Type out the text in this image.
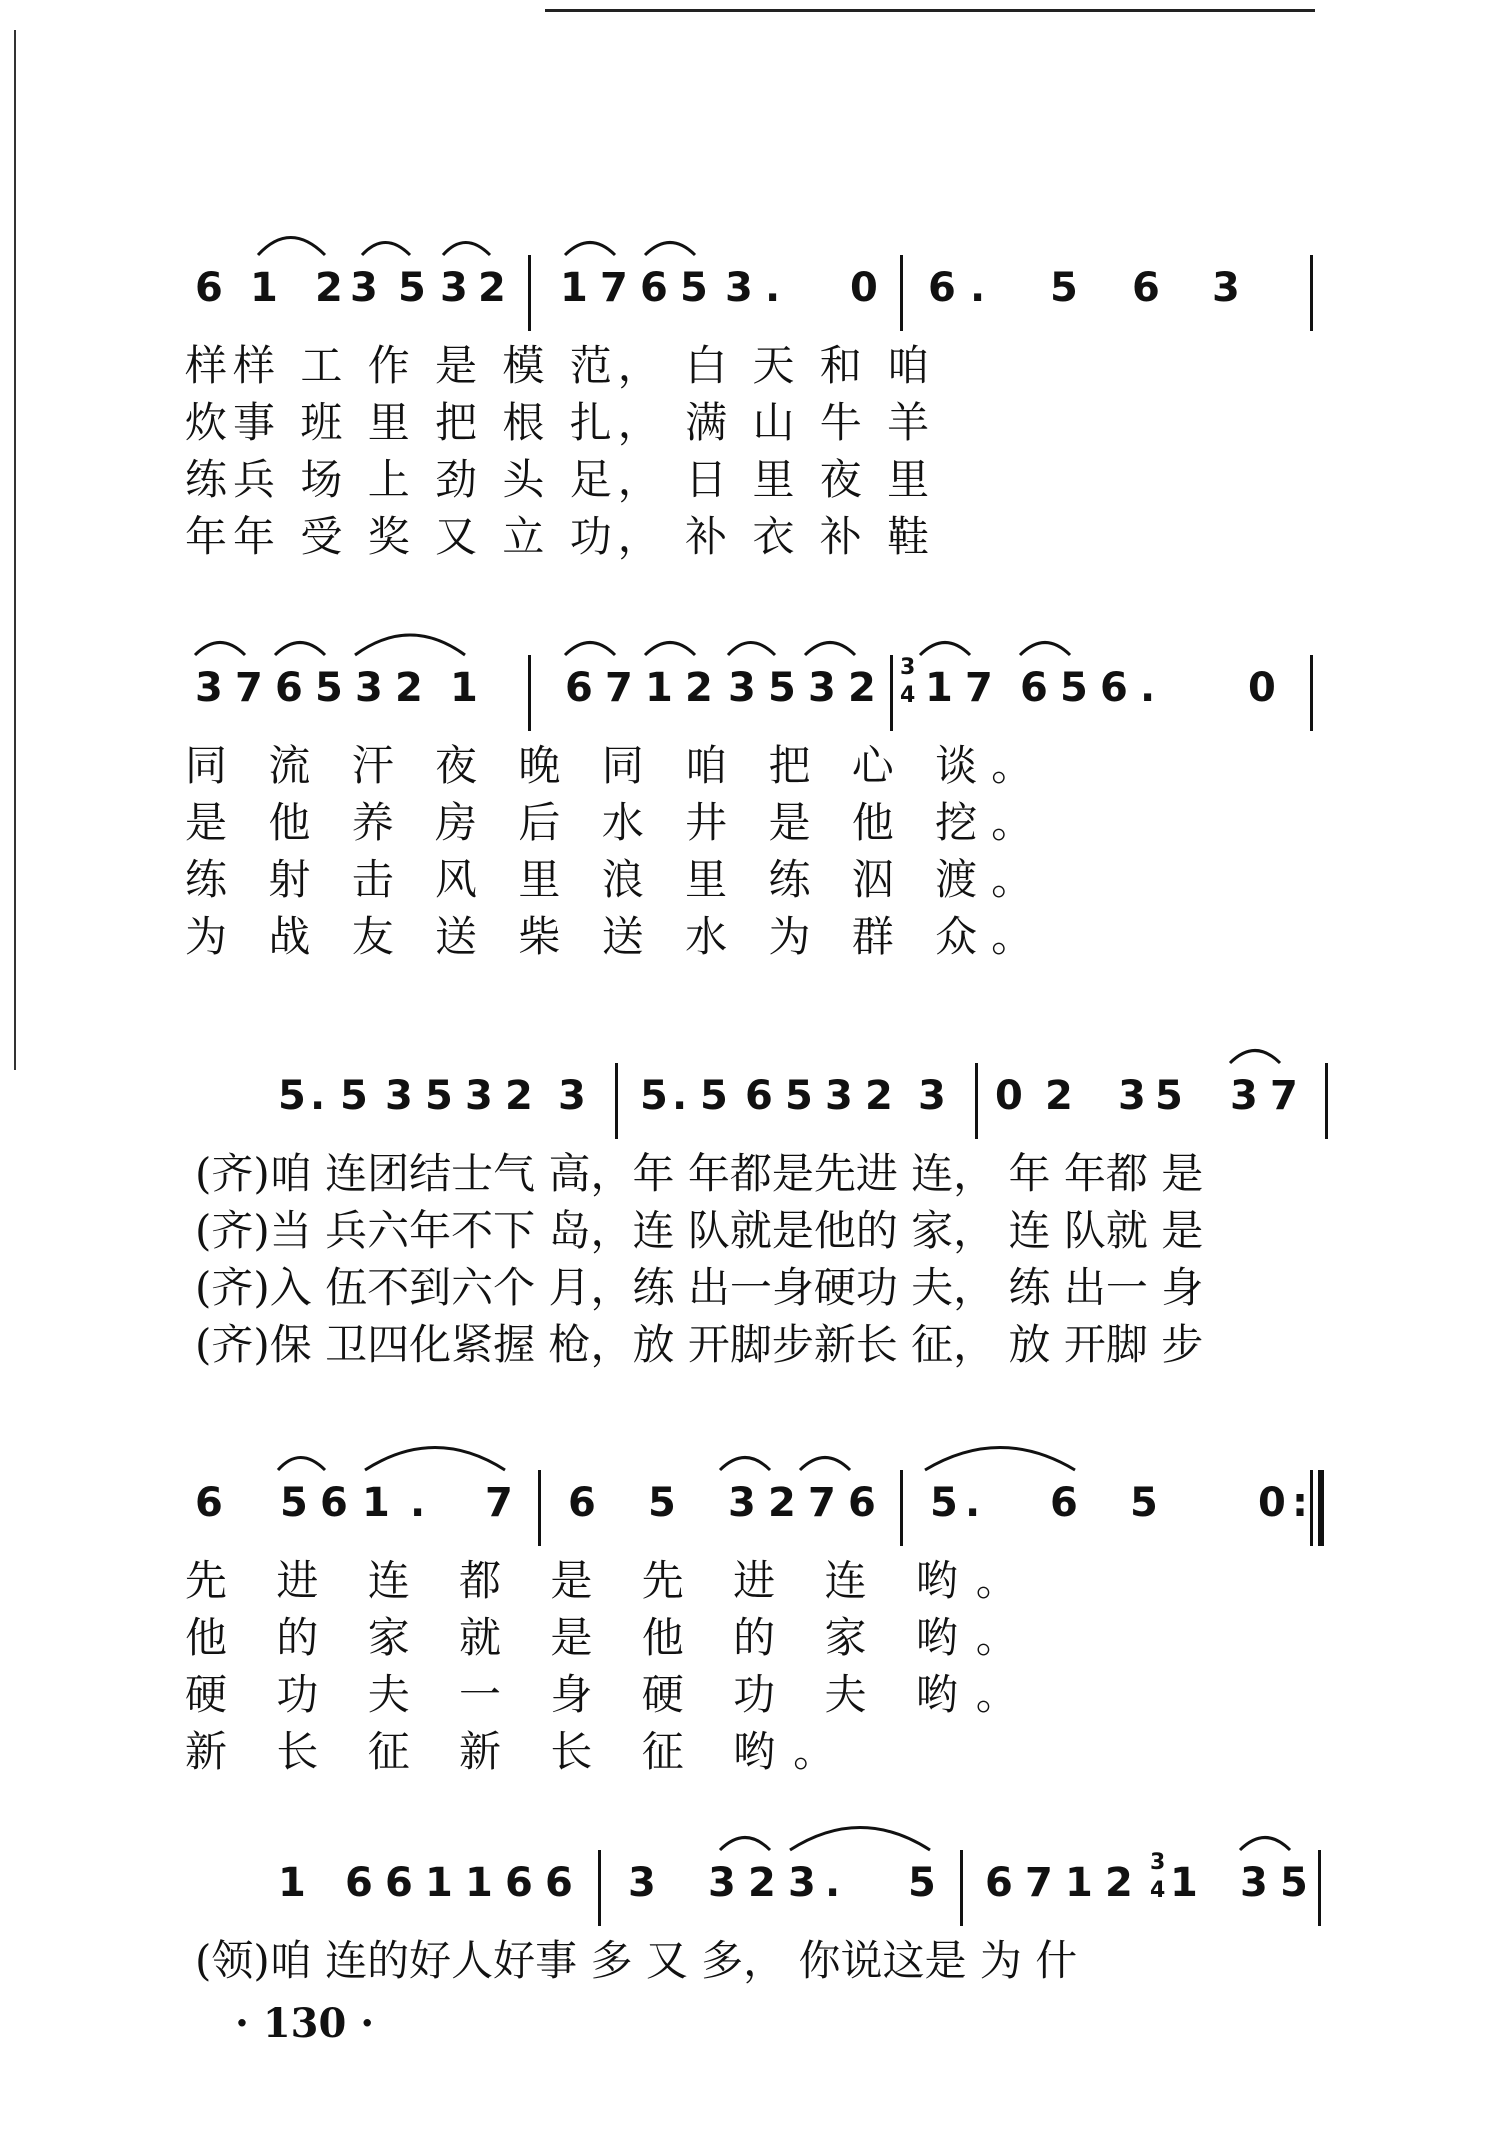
6 1 2 3 5 3 2 1 7 6 5 3 . 0 6 . 5 6 3
样样 工 作 是 模 范， 白 天 和 咱
炊事 班 里 把 根 扎， 满 山 牛 羊
练兵 场 上 劲 头 足， 日 里 夜 里
年年 受 奖 又 立 功， 补 衣 补 鞋
3 7 6 5 3 2 1 6 7 1 2 3 5 3 2 3
4 1 7 6 5 6 . 0
同 流 汗 夜 晚 同 咱 把 心 谈。
是 他 养 房 后 水 井 是 他 挖。
练 射 击 风 里 浪 里 练 泅 渡。
为 战 友 送 柴 送 水 为 群 众。
5 . 5 3 5 3 2 3 5 . 5 6 5 3 2 3 0 2 3 5 3 7
(齐)咱 连团结士气 高，年 年都是先进 连， 年 年都 是
(齐)当 兵六年不下 岛，连 队就是他的 家， 连 队就 是
(齐)入 伍不到六个 月，练 出一身硬功 夫， 练 出一 身
(齐)保 卫四化紧握 枪，放 开脚步新长 征， 放 开脚 步
6 5 6 1 . 7 6 5 3 2 7 6 5 . 6 5	0 :
先 进 连 都 是 先 进 连 哟。
他 的 家 就 是 他 的 家 哟。
硬 功 夫 一 身 硬 功 夫 哟。
新 长 征 新 长 征 哟。
1 6 6 1 1 6 6 3 3 2 3 . 5 6 7 1 2 3
4 1 3 5
(领)咱 连的好人好事 多 又 多， 你说这是 为 什
· 130 ·
